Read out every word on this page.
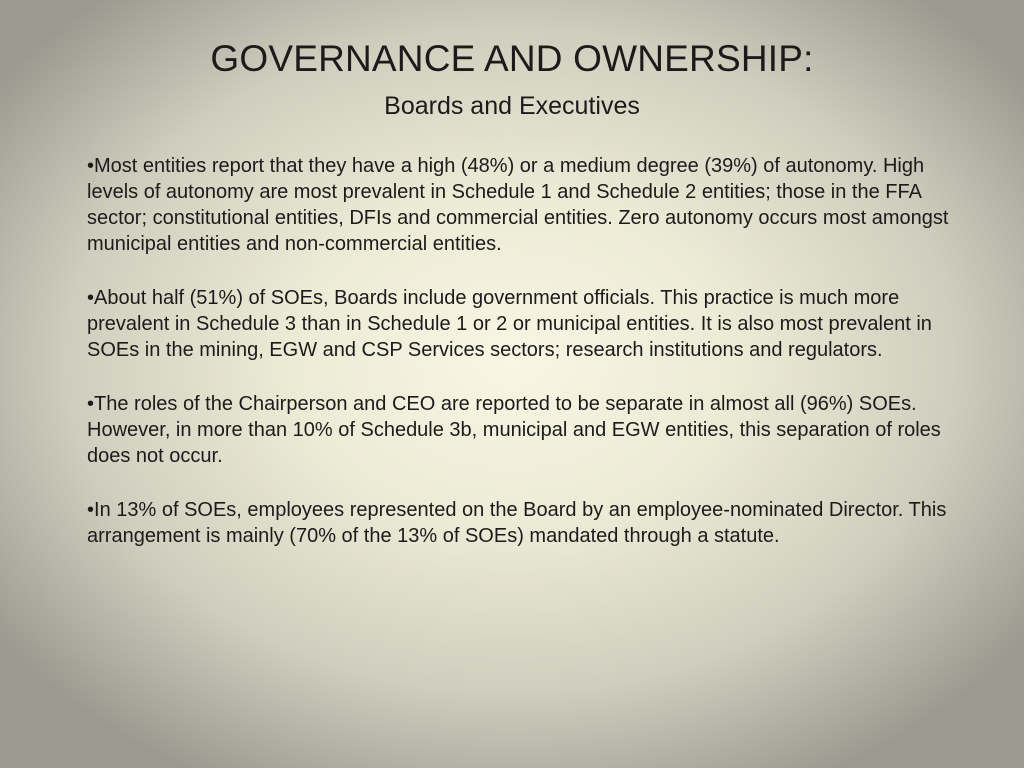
GOVERNANCE AND OWNERSHIP:
Boards and Executives

•Most entities report that they have a high (48%) or a medium degree (39%) of autonomy. High levels of autonomy are most prevalent in Schedule 1 and Schedule 2 entities; those in the FFA sector; constitutional entities, DFIs and commercial entities. Zero autonomy occurs most amongst municipal entities and non-commercial entities.

•About half (51%) of SOEs, Boards include government officials. This practice is much more prevalent in Schedule 3 than in Schedule 1 or 2 or municipal entities. It is also most prevalent in SOEs in the mining, EGW and CSP Services sectors; research institutions and regulators.

•The roles of the Chairperson and CEO are reported to be separate in almost all (96%) SOEs. However, in more than 10% of Schedule 3b, municipal and EGW entities, this separation of roles does not occur.

•In 13% of SOEs, employees represented on the Board by an employee-nominated Director. This arrangement is mainly (70% of the 13% of SOEs) mandated through a statute.
